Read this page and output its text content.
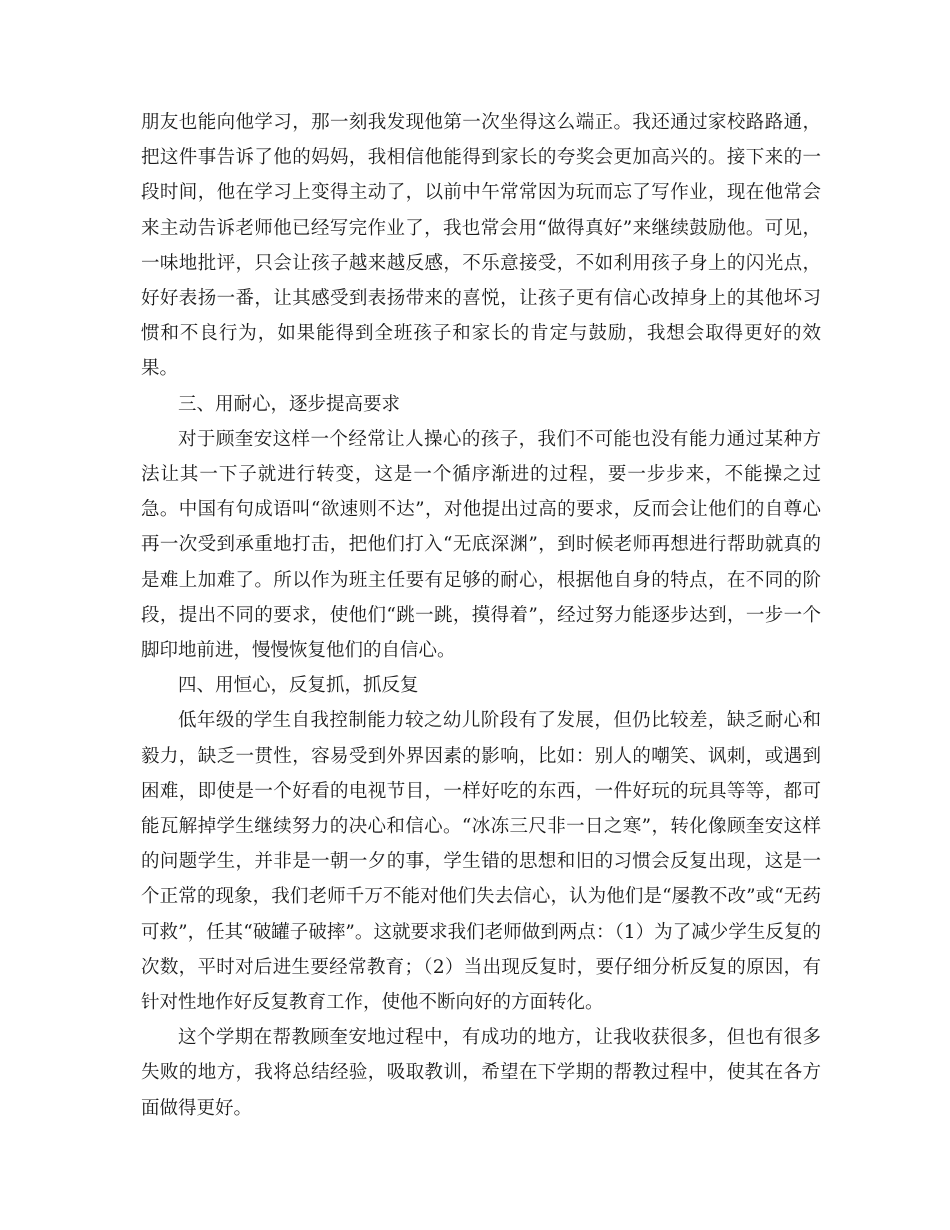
朋友也能向他学习，那一刻我发现他第一次坐得这么端正。我还通过家校路路通，把这件事告诉了他的妈妈，我相信他能得到家长的夸奖会更加高兴的。接下来的一段时间，他在学习上变得主动了，以前中午常常因为玩而忘了写作业，现在他常会来主动告诉老师他已经写完作业了，我也常会用“做得真好”来继续鼓励他。可见，一味地批评，只会让孩子越来越反感，不乐意接受，不如利用孩子身上的闪光点，好好表扬一番，让其感受到表扬带来的喜悦，让孩子更有信心改掉身上的其他坏习惯和不良行为，如果能得到全班孩子和家长的肯定与鼓励，我想会取得更好的效果。

三、用耐心，逐步提高要求

对于顾奎安这样一个经常让人操心的孩子，我们不可能也没有能力通过某种方法让其一下子就进行转变，这是一个循序渐进的过程，要一步步来，不能操之过急。中国有句成语叫“欲速则不达”，对他提出过高的要求，反而会让他们的自尊心再一次受到承重地打击，把他们打入“无底深渊”，到时候老师再想进行帮助就真的是难上加难了。所以作为班主任要有足够的耐心，根据他自身的特点，在不同的阶段，提出不同的要求，使他们“跳一跳，摸得着”，经过努力能逐步达到，一步一个脚印地前进，慢慢恢复他们的自信心。

四、用恒心，反复抓，抓反复

低年级的学生自我控制能力较之幼儿阶段有了发展，但仍比较差，缺乏耐心和毅力，缺乏一贯性，容易受到外界因素的影响，比如：别人的嘲笑、讽刺，或遇到困难，即使是一个好看的电视节目，一样好吃的东西，一件好玩的玩具等等，都可能瓦解掉学生继续努力的决心和信心。“冰冻三尺非一日之寒”，转化像顾奎安这样的问题学生，并非是一朝一夕的事，学生错的思想和旧的习惯会反复出现，这是一个正常的现象，我们老师千万不能对他们失去信心，认为他们是“屡教不改”或“无药可救”，任其“破罐子破摔”。这就要求我们老师做到两点：（1）为了减少学生反复的次数，平时对后进生要经常教育；（2）当出现反复时，要仔细分析反复的原因，有针对性地作好反复教育工作，使他不断向好的方面转化。

这个学期在帮教顾奎安地过程中，有成功的地方，让我收获很多，但也有很多失败的地方，我将总结经验，吸取教训，希望在下学期的帮教过程中，使其在各方面做得更好。
